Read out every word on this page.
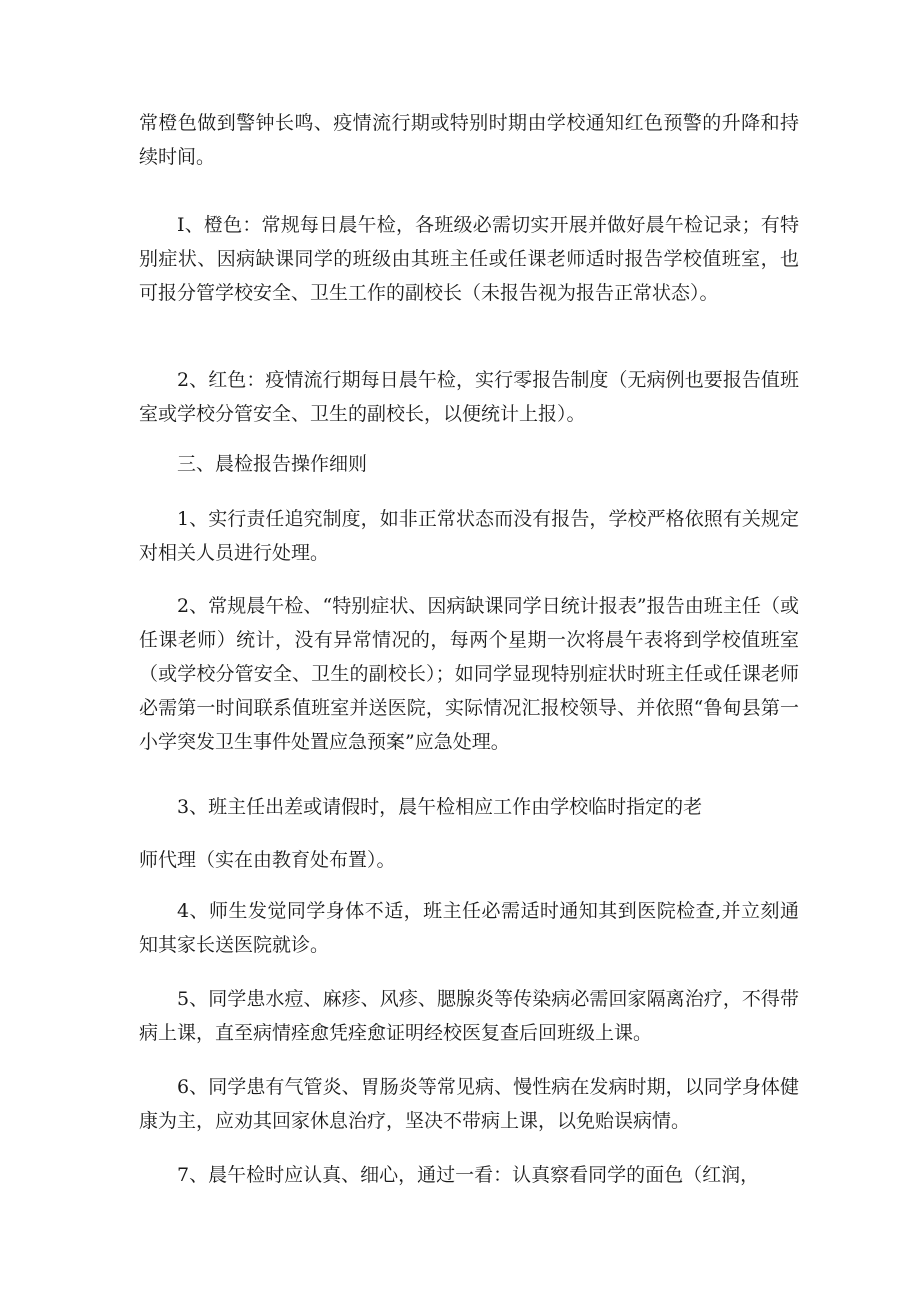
常橙色做到警钟长鸣、疫情流行期或特别时期由学校通知红色预警的升降和持续时间。

I、橙色：常规每日晨午检，各班级必需切实开展并做好晨午检记录；有特别症状、因病缺课同学的班级由其班主任或任课老师适时报告学校值班室，也可报分管学校安全、卫生工作的副校长（未报告视为报告正常状态）。

2、红色：疫情流行期每日晨午检，实行零报告制度（无病例也要报告值班室或学校分管安全、卫生的副校长，以便统计上报）。

三、晨检报告操作细则

1、实行责任追究制度，如非正常状态而没有报告，学校严格依照有关规定对相关人员进行处理。

2、常规晨午检、“特别症状、因病缺课同学日统计报表”报告由班主任（或任课老师）统计，没有异常情况的，每两个星期一次将晨午表将到学校值班室（或学校分管安全、卫生的副校长）；如同学显现特别症状时班主任或任课老师必需第一时间联系值班室并送医院，实际情况汇报校领导、并依照“鲁甸县第一小学突发卫生事件处置应急预案”应急处理。

3、班主任出差或请假时，晨午检相应工作由学校临时指定的老

师代理（实在由教育处布置）。

4、师生发觉同学身体不适，班主任必需适时通知其到医院检查,并立刻通知其家长送医院就诊。

5、同学患水痘、麻疹、风疹、腮腺炎等传染病必需回家隔离治疗，不得带病上课，直至病情痊愈凭痊愈证明经校医复查后回班级上课。

6、同学患有气管炎、胃肠炎等常见病、慢性病在发病时期，以同学身体健康为主，应劝其回家休息治疗，坚决不带病上课，以免贻误病情。

7、晨午检时应认真、细心，通过一看：认真察看同学的面色（红润，
